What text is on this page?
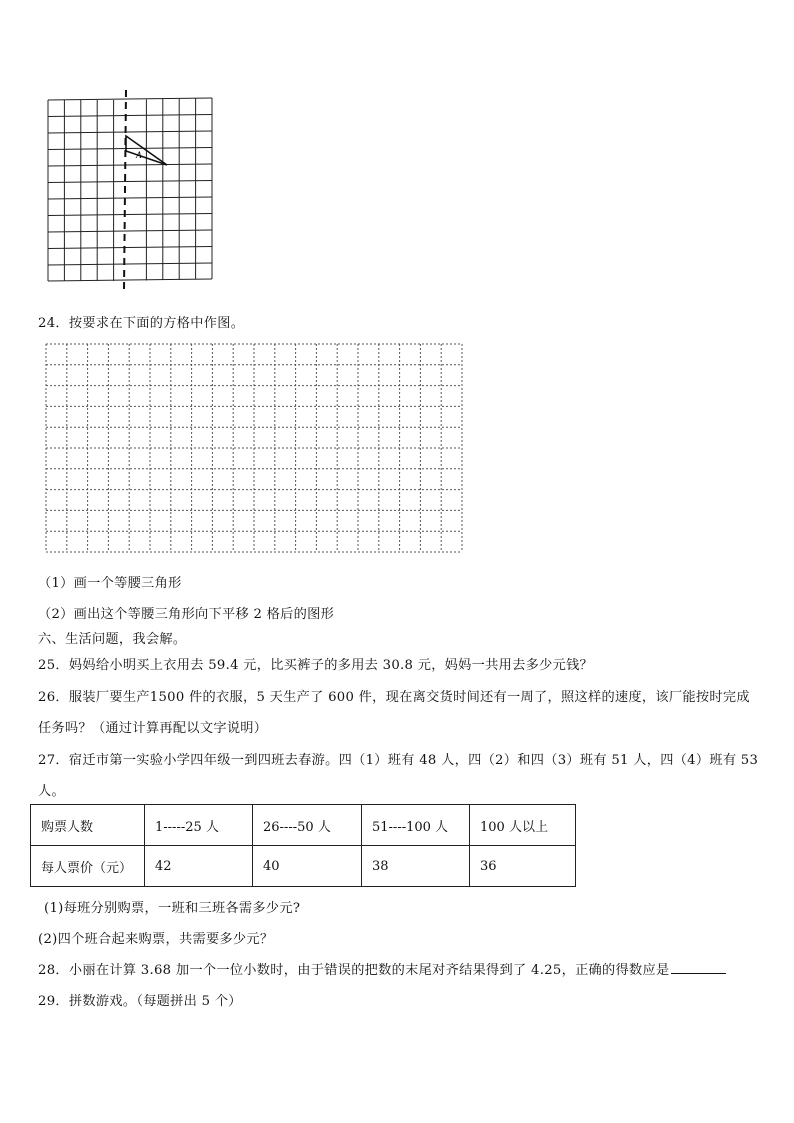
A
24．按要求在下面的方格中作图。
（1）画一个等腰三角形
（2）画出这个等腰三角形向下平移 2 格后的图形
六、生活问题，我会解。
25．妈妈给小明买上衣用去 59.4 元，比买裤子的多用去 30.8 元，妈妈一共用去多少元钱？
26．服装厂要生产1500 件的衣服，5 天生产了 600 件，现在离交货时间还有一周了，照这样的速度，该厂能按时完成
任务吗？（通过计算再配以文字说明）
27．宿迁市第一实验小学四年级一到四班去春游。四（1）班有 48 人，四（2）和四（3）班有 51 人，四（4）班有 53
人。
购票人数	1-----25 人	26----50 人	51----100 人	100 人以上
每人票价（元）	42	40	38	36
(1)每班分别购票，一班和三班各需多少元?
(2)四个班合起来购票，共需要多少元？
28．小丽在计算 3.68 加一个一位小数时，由于错误的把数的末尾对齐结果得到了 4.25，正确的得数应是
29．拼数游戏。（每题拼出 5 个）
